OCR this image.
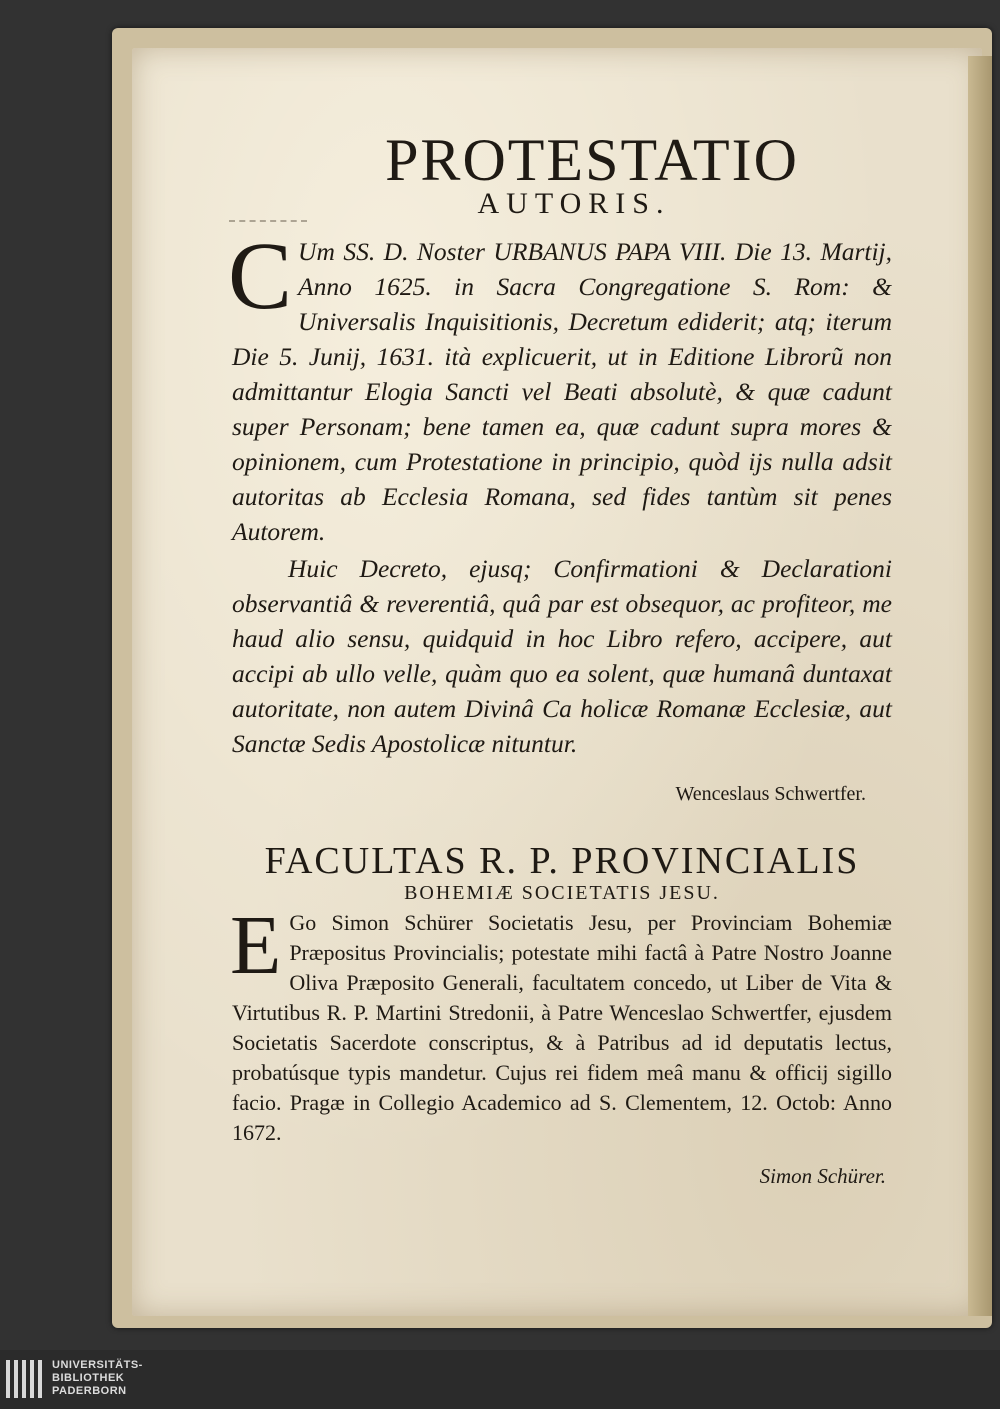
PROTESTATIO
AUTORIS.
C Um SS. D. Noster URBANUS PAPA VIII. Die 13. Martij, Anno 1625. in Sacra Congregatione S. Rom: & Universalis Inquisitionis, Decretum ediderit; atq; iterum Die 5. Junij, 1631. ità explicuerit, ut in Editione Librorũ non admittantur Elogia Sancti vel Beati absolutè, & quæ cadunt super Personam; bene tamen ea, quæ cadunt supra mores & opinionem, cum Protestatione in principio, quòd ijs nulla adsit autoritas ab Ecclesia Romana, sed fides tantùm sit penes Autorem.
Huic Decreto, ejusq; Confirmationi & Declarationi observantiâ & reverentiâ, quâ par est obsequor, ac profiteor, me haud alio sensu, quidquid in hoc Libro refero, accipere, aut accipi ab ullo velle, quàm quo ea solent, quæ humanâ duntaxat autoritate, non autem Divinâ Ca holicæ Romanæ Ecclesiæ, aut Sanctæ Sedis Apostolicæ nituntur.
Wenceslaus Schwertfer.
FACULTAS R. P. PROVINCIALIS
BOHEMIÆ SOCIETATIS JESU.
E Go Simon Schürer Societatis Jesu, per Provinciam Bohemiæ Præpositus Provincialis; potestate mihi factâ à Patre Nostro Joanne Oliva Præposito Generali, facultatem concedo, ut Liber de Vita & Virtutibus R. P. Martini Stredonii, à Patre Wenceslao Schwertfer, ejusdem Societatis Sacerdote conscriptus, & à Patribus ad id deputatis lectus, probatúsque typis mandetur. Cujus rei fidem meâ manu & officij sigillo facio. Pragæ in Collegio Academico ad S. Clementem, 12. Octob: Anno 1672.
Simon Schürer.
UNIVERSITÄTS-
BIBLIOTHEK
PADERBORN
